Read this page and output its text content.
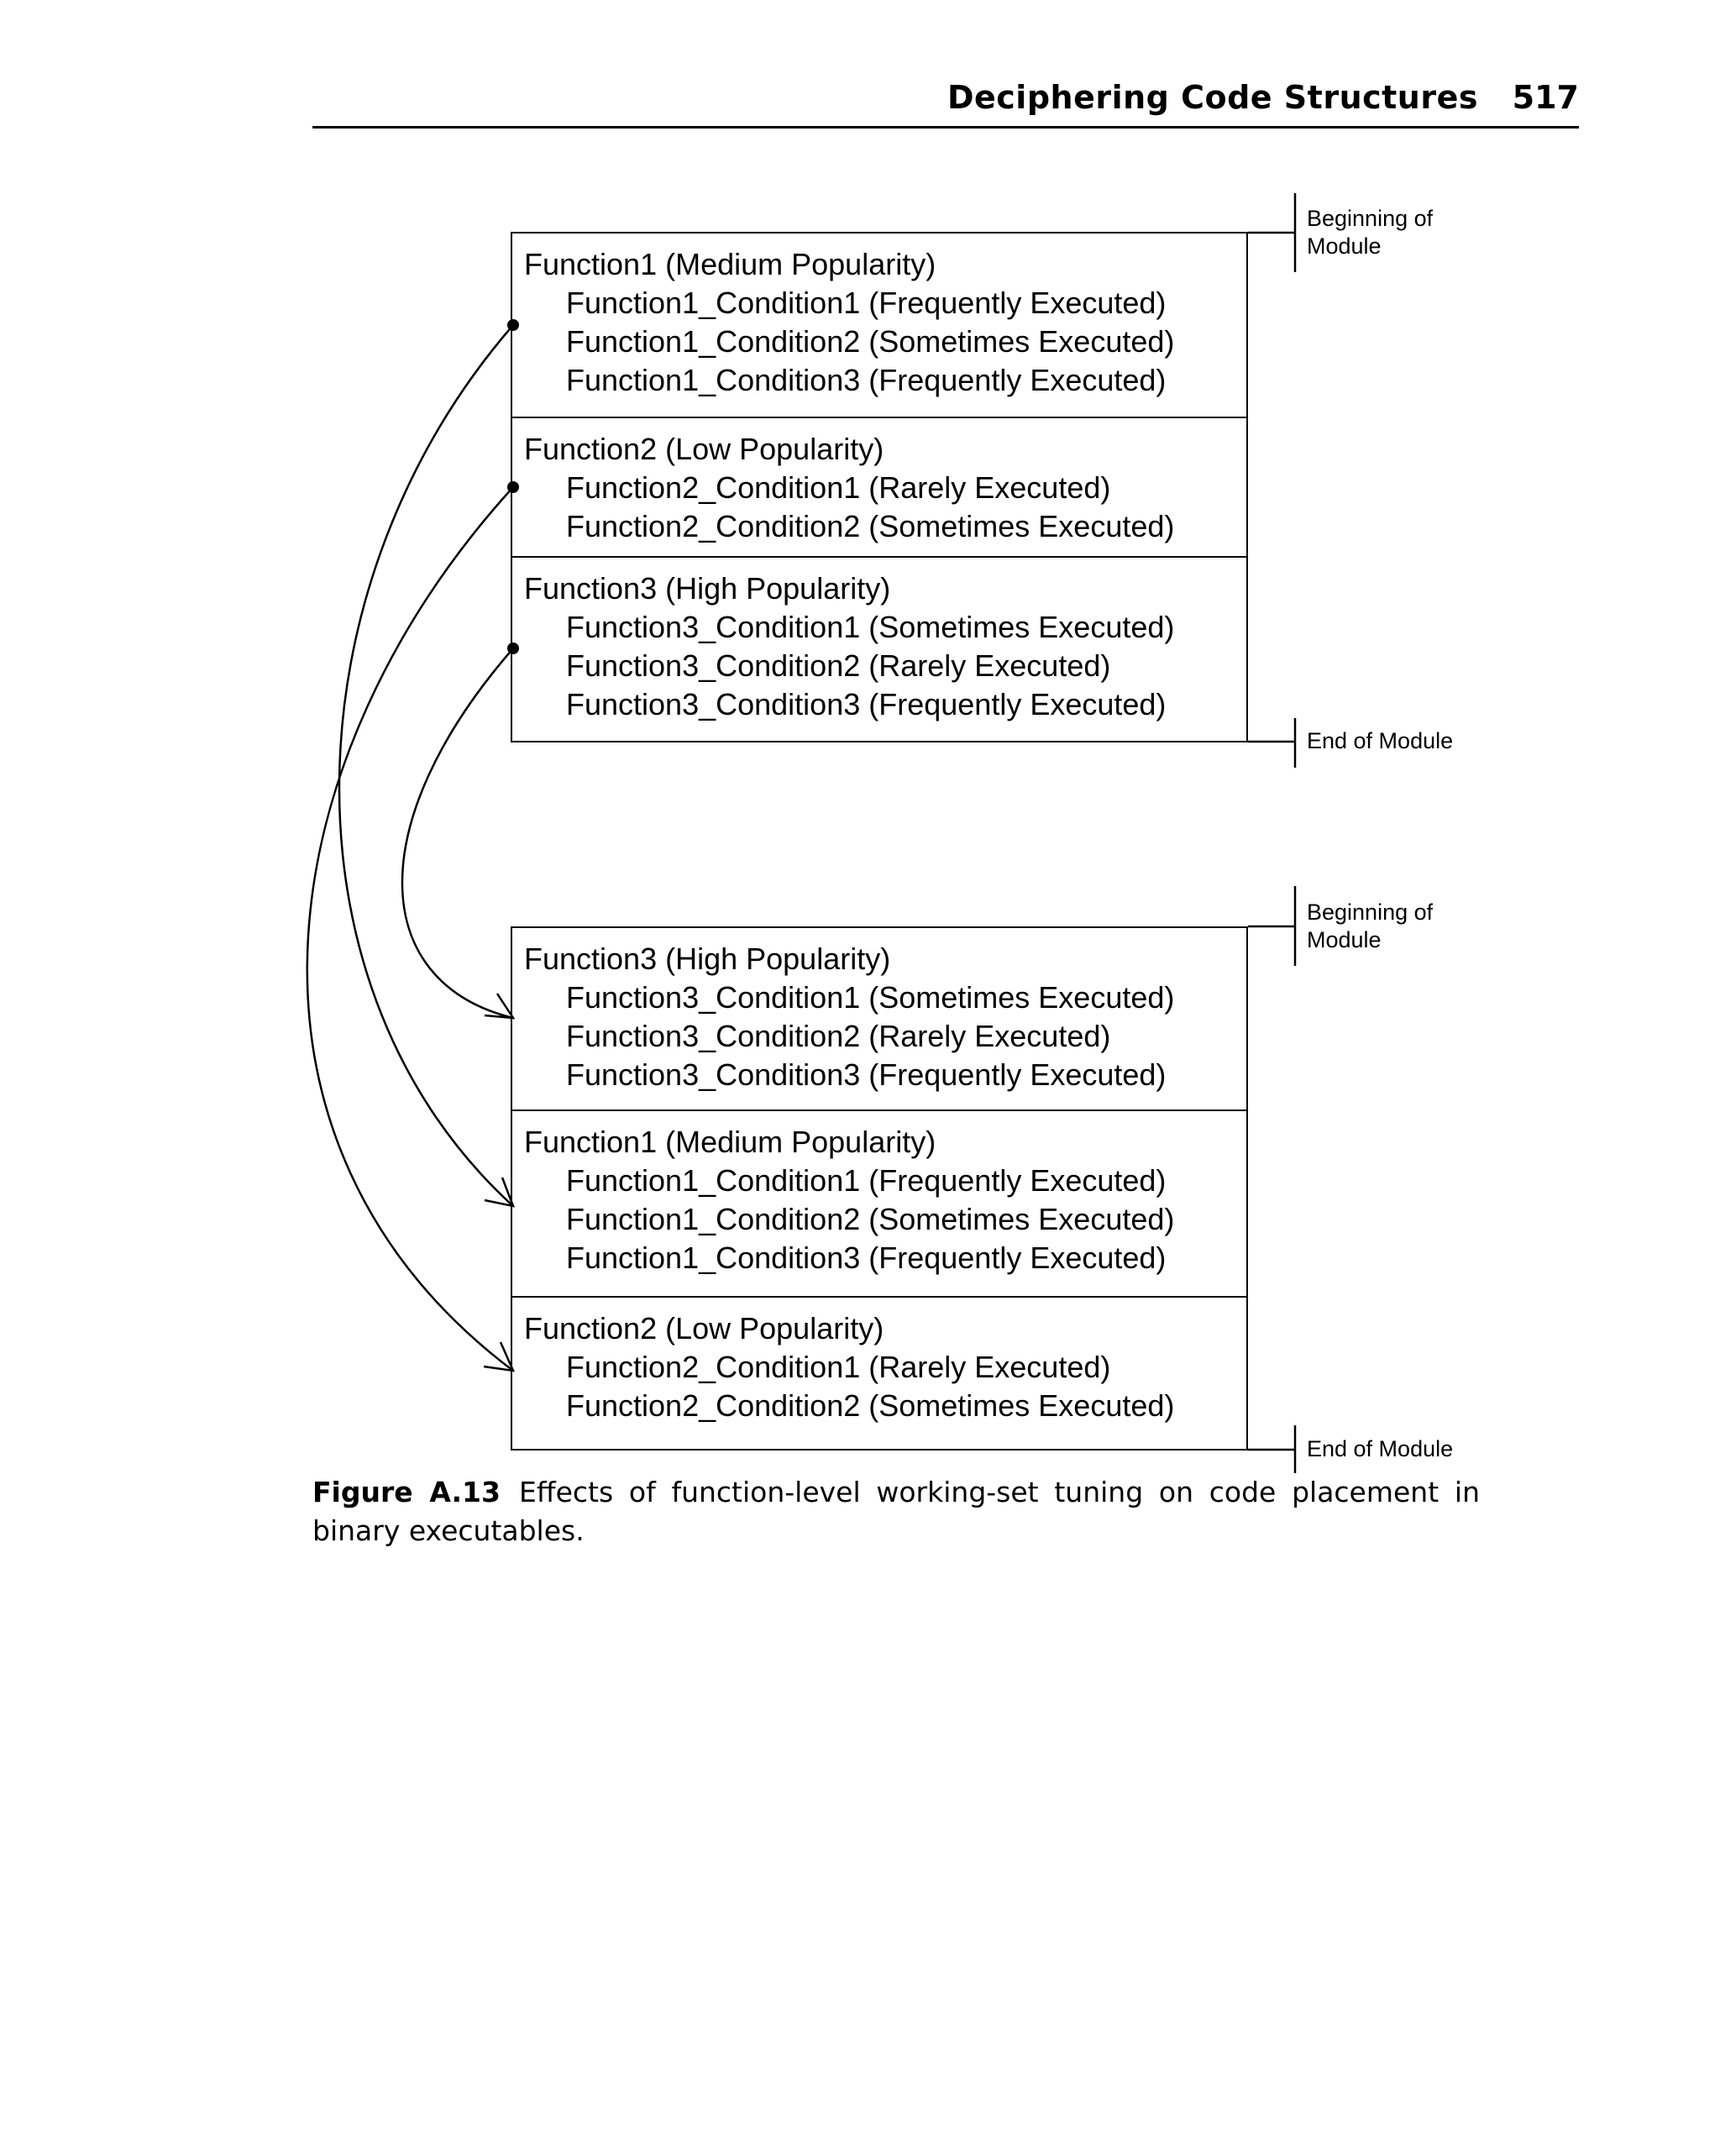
Deciphering Code Structures 517
Function1 (Medium Popularity)
Function1_Condition1 (Frequently Executed)
Function1_Condition2 (Sometimes Executed)
Function1_Condition3 (Frequently Executed)
Function2 (Low Popularity)
Function2_Condition1 (Rarely Executed)
Function2_Condition2 (Sometimes Executed)
Function3 (High Popularity)
Function3_Condition1 (Sometimes Executed)
Function3_Condition2 (Rarely Executed)
Function3_Condition3 (Frequently Executed)
Function3 (High Popularity)
Function3_Condition1 (Sometimes Executed)
Function3_Condition2 (Rarely Executed)
Function3_Condition3 (Frequently Executed)
Function1 (Medium Popularity)
Function1_Condition1 (Frequently Executed)
Function1_Condition2 (Sometimes Executed)
Function1_Condition3 (Frequently Executed)
Function2 (Low Popularity)
Function2_Condition1 (Rarely Executed)
Function2_Condition2 (Sometimes Executed)
Beginning of
Module
End of Module
Beginning of
Module
End of Module
Figure A.13 Effects of function-level working-set tuning on code placement in binary executables.
